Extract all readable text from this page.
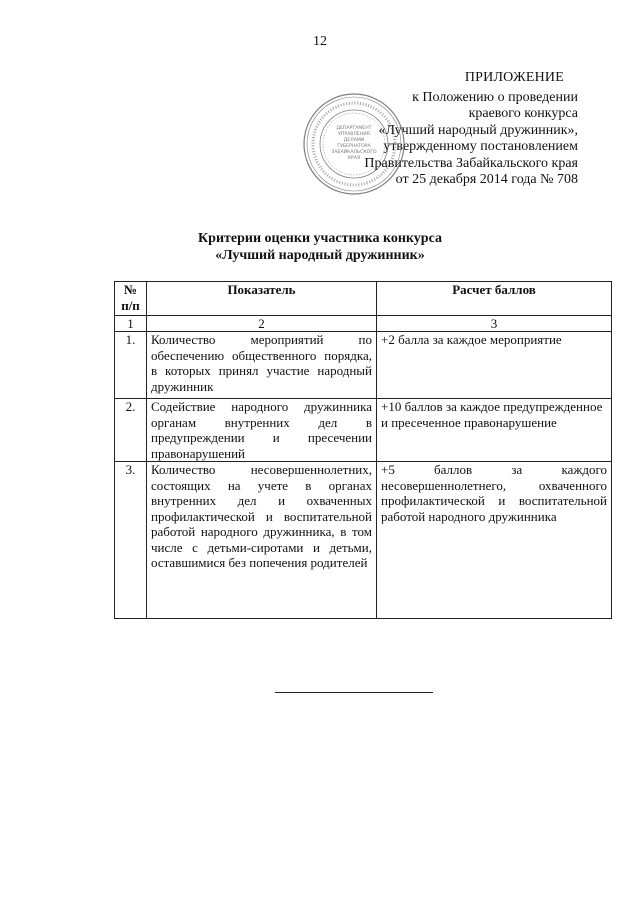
12
ПРИЛОЖЕНИЕ
к Положению о проведении
краевого конкурса
«Лучший народный дружинник»,
утвержденному постановлением
Правительства Забайкальского края
от 25 декабря 2014 года № 708
ДЕПАРТАМЕНТ
УПРАВЛЕНИЯ
ДЕЛАМИ
ГУБЕРНАТОРА
ЗАБАЙКАЛЬСКОГО
КРАЯ
Критерии оценки участника конкурса
«Лучший народный дружинник»
№ п/п	Показатель	Расчет баллов
1	2	3
1.	Количество мероприятий по обеспечению общественного порядка, в которых принял участие народный дружинник	+2 балла за каждое мероприятие
2.	Содействие народного дружинника органам внутренних дел в предупреждении и пресечении правонарушений	+10 баллов за каждое предупрежденное и пресеченное правонарушение
3.	Количество несовершеннолетних, состоящих на учете в органах внутренних дел и охваченных профилактической и воспитательной работой народного дружинника, в том числе с детьми-сиротами и детьми, оставшимися без попечения родителей	+5 баллов за каждого несовершеннолетнего, охваченного профилактической и воспитательной работой народного дружинника
